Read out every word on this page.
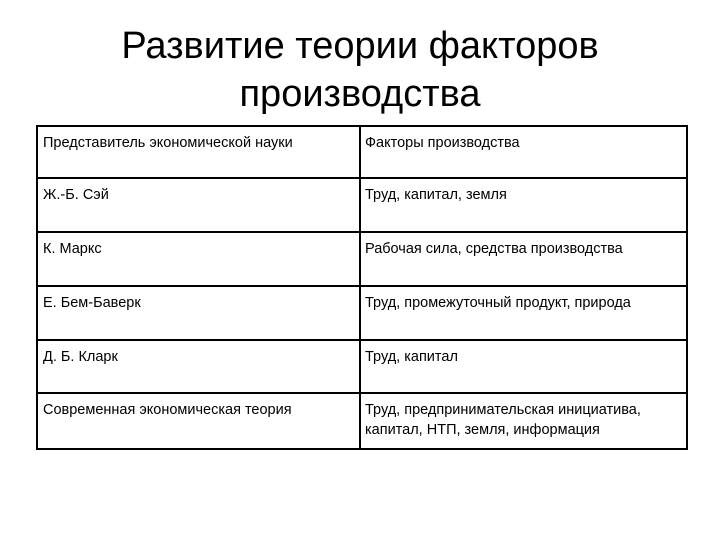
Развитие теории факторов
производства
Представитель экономической науки	Факторы производства
Ж.-Б. Сэй	Труд, капитал, земля
К. Маркс	Рабочая сила, средства производства
Е. Бем-Баверк	Труд, промежуточный продукт, природа
Д. Б. Кларк	Труд, капитал
Современная экономическая теория	Труд, предпринимательская инициатива, капитал, НТП, земля, информация
